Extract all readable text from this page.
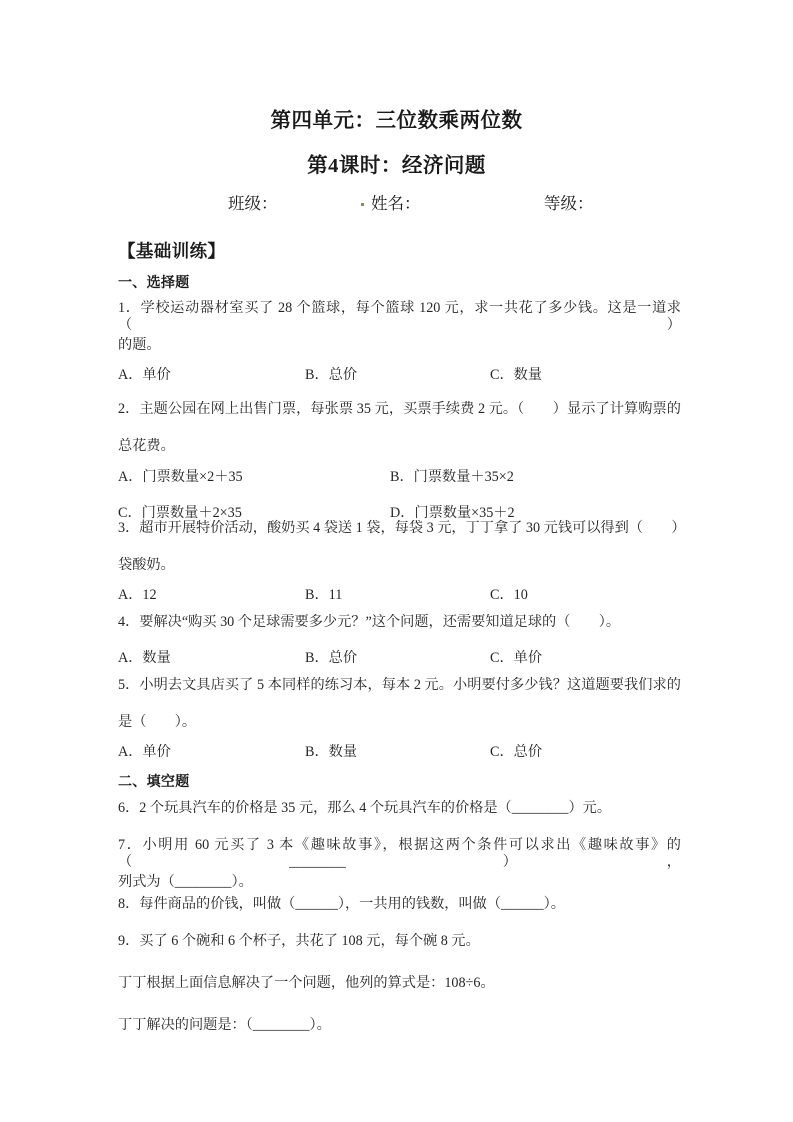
第四单元：三位数乘两位数
第4课时：经济问题
班级：	姓名：	等级：
【基础训练】
一、选择题
1．学校运动器材室买了 28 个篮球，每个篮球 120 元，求一共花了多少钱。这是一道求（　　）
的题。
A．单价	B．总价	C．数量
2．主题公园在网上出售门票，每张票 35 元，买票手续费 2 元。（　　）显示了计算购票的
总花费。
A．门票数量×2＋35	B．门票数量＋35×2
C．门票数量＋2×35	D．门票数量×35＋2
3．超市开展特价活动，酸奶买 4 袋送 1 袋，每袋 3 元，丁丁拿了 30 元钱可以得到（　　）
袋酸奶。
A．12	B．11	C．10
4．要解决“购买 30 个足球需要多少元？”这个问题，还需要知道足球的（　　）。
A．数量	B．总价	C．单价
5．小明去文具店买了 5 本同样的练习本，每本 2 元。小明要付多少钱？这道题要我们求的
是（　　）。
A．单价	B．数量	C．总价
二、填空题
6．2 个玩具汽车的价格是 35 元，那么 4 个玩具汽车的价格是（________）元。
7．小明用 60 元买了 3 本《趣味故事》，根据这两个条件可以求出《趣味故事》的（________），
列式为（________）。
8．每件商品的价钱，叫做（______），一共用的钱数，叫做（______）。
9．买了 6 个碗和 6 个杯子，共花了 108 元，每个碗 8 元。
丁丁根据上面信息解决了一个问题，他列的算式是：108÷6。
丁丁解决的问题是：（________）。
